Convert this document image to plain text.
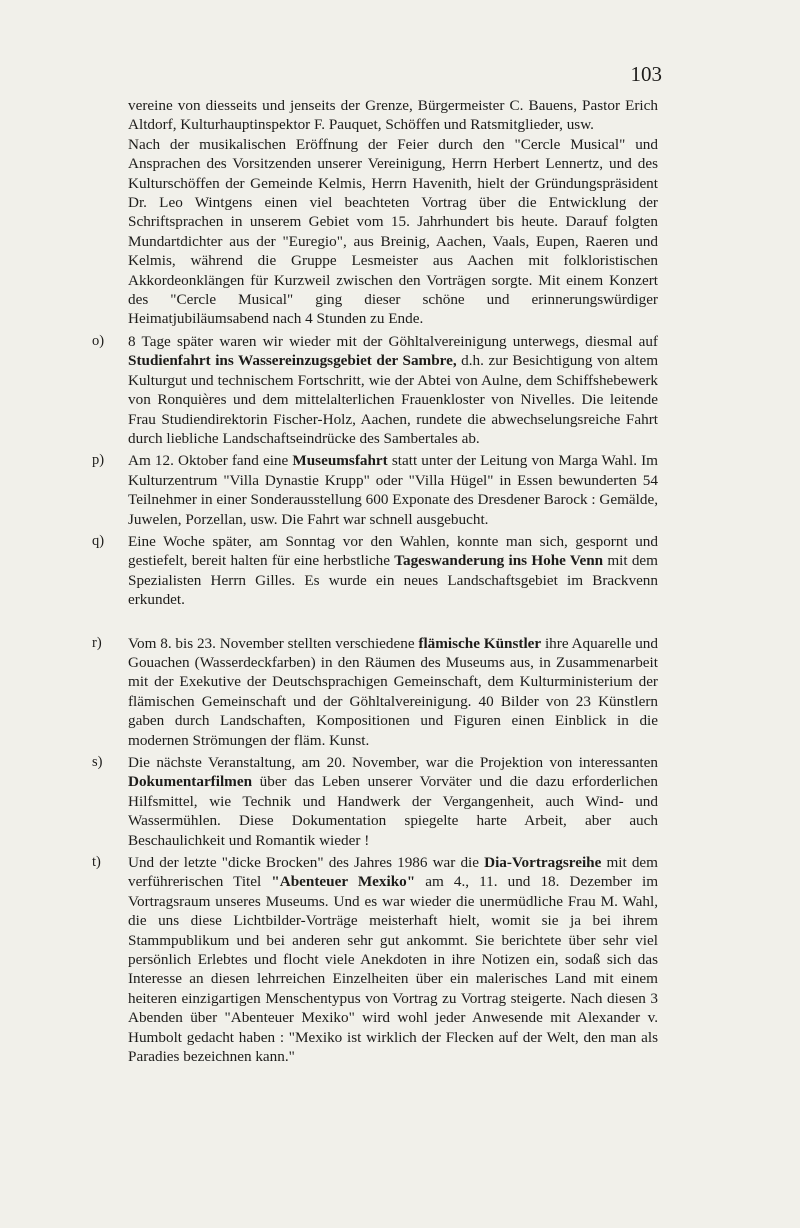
103

vereine von diesseits und jenseits der Grenze, Bürgermeister C. Bauens, Pastor Erich Altdorf, Kulturhauptinspektor F. Pauquet, Schöffen und Ratsmitglieder, usw.

Nach der musikalischen Eröffnung der Feier durch den "Cercle Musical" und Ansprachen des Vorsitzenden unserer Vereinigung, Herrn Herbert Lennertz, und des Kulturschöffen der Gemeinde Kelmis, Herrn Havenith, hielt der Gründungspräsident Dr. Leo Wintgens einen viel beachteten Vortrag über die Entwicklung der Schriftsprachen in unserem Gebiet vom 15. Jahrhundert bis heute. Darauf folgten Mundartdichter aus der "Euregio", aus Breinig, Aachen, Vaals, Eupen, Raeren und Kelmis, während die Gruppe Lesmeister aus Aachen mit folkloristischen Akkordeonklängen für Kurzweil zwischen den Vorträgen sorgte. Mit einem Konzert des "Cercle Musical" ging dieser schöne und erinnerungswürdiger Heimatjubiläumsabend nach 4 Stunden zu Ende.

o) 8 Tage später waren wir wieder mit der Göhltalvereinigung unterwegs, diesmal auf Studienfahrt ins Wassereinzugsgebiet der Sambre, d.h. zur Besichtigung von altem Kulturgut und technischem Fortschritt, wie der Abtei von Aulne, dem Schiffshebewerk von Ronquières und dem mittelalterlichen Frauenkloster von Nivelles. Die leitende Frau Studiendirektorin Fischer-Holz, Aachen, rundete die abwechselungsreiche Fahrt durch liebliche Landschaftseindrücke des Sambertales ab.

p) Am 12. Oktober fand eine Museumsfahrt statt unter der Leitung von Marga Wahl. Im Kulturzentrum "Villa Dynastie Krupp" oder "Villa Hügel" in Essen bewunderten 54 Teilnehmer in einer Sonderausstellung 600 Exponate des Dresdener Barock : Gemälde, Juwelen, Porzellan, usw. Die Fahrt war schnell ausgebucht.

q) Eine Woche später, am Sonntag vor den Wahlen, konnte man sich, gespornt und gestiefelt, bereit halten für eine herbstliche Tageswanderung ins Hohe Venn mit dem Spezialisten Herrn Gilles. Es wurde ein neues Landschaftsgebiet im Brackvenn erkundet.

r) Vom 8. bis 23. November stellten verschiedene flämische Künstler ihre Aquarelle und Gouachen (Wasserdeckfarben) in den Räumen des Museums aus, in Zusammenarbeit mit der Exekutive der Deutschsprachigen Gemeinschaft, dem Kulturministerium der flämischen Gemeinschaft und der Göhltalvereinigung. 40 Bilder von 23 Künstlern gaben durch Landschaften, Kompositionen und Figuren einen Einblick in die modernen Strömungen der fläm. Kunst.

s) Die nächste Veranstaltung, am 20. November, war die Projektion von interessanten Dokumentarfilmen über das Leben unserer Vorväter und die dazu erforderlichen Hilfsmittel, wie Technik und Handwerk der Vergangenheit, auch Wind- und Wassermühlen. Diese Dokumentation spiegelte harte Arbeit, aber auch Beschaulichkeit und Romantik wieder !

t) Und der letzte "dicke Brocken" des Jahres 1986 war die Dia-Vortragsreihe mit dem verführerischen Titel "Abenteuer Mexiko" am 4., 11. und 18. Dezember im Vortragsraum unseres Museums. Und es war wieder die unermüdliche Frau M. Wahl, die uns diese Lichtbilder-Vorträge meisterhaft hielt, womit sie ja bei ihrem Stammpublikum und bei anderen sehr gut ankommt. Sie berichtete über sehr viel persönlich Erlebtes und flocht viele Anekdoten in ihre Notizen ein, sodaß sich das Interesse an diesen lehrreichen Einzelheiten über ein malerisches Land mit einem heiteren einzigartigen Menschentypus von Vortrag zu Vortrag steigerte. Nach diesen 3 Abenden über "Abenteuer Mexiko" wird wohl jeder Anwesende mit Alexander v. Humbolt gedacht haben : "Mexiko ist wirklich der Flecken auf der Welt, den man als Paradies bezeichnen kann."
